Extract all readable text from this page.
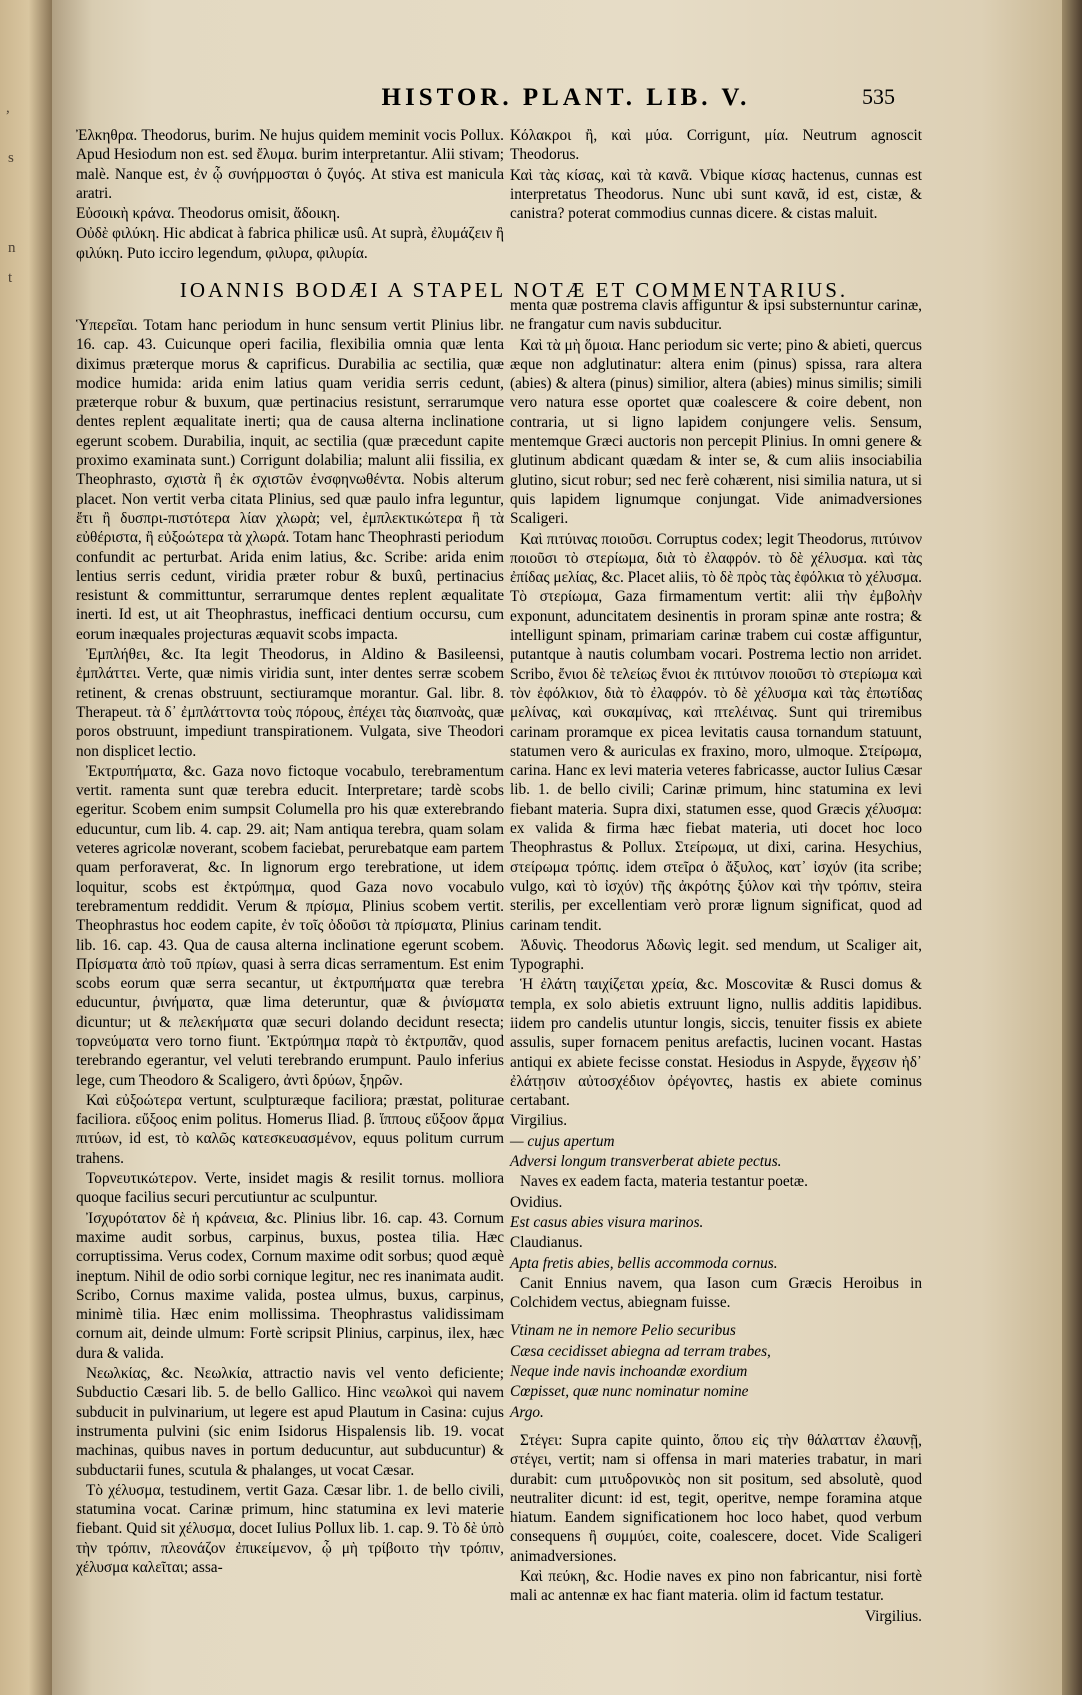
,
s
n
t
HISTOR. PLANT. LIB. V.	535

Ἐλκηθρα. Theodorus, burim. Ne hujus quidem meminit vocis Pollux. Apud Hesiodum non est. sed ἔλυμα. burim interpretantur. Alii stivam; malè. Nanque est, ἐν ᾧ συνήρμοσται ὁ ζυγός. At stiva est manicula aratri.

Εὐσοικὴ κράνα. Theodorus omisit, ἄδοικη.

Οὐδὲ φιλύκη. Hic abdicat à fabrica philicæ usû. At suprà, ἐλυμάζειν ἢ φιλύκη. Puto icciro legendum, φιλυρα, φιλυρία.

Κόλακροι ἢ, καὶ μύα. Corrigunt, μία. Neutrum agnoscit Theodorus.

Καὶ τὰς κίσας, καὶ τὰ κανᾶ. Vbique κίσας hactenus, cunnas est interpretatus Theodorus. Nunc ubi sunt κανᾶ, id est, cistæ, & canistra? poterat commodius cunnas dicere. & cistas maluit.

IOANNIS BODÆI A STAPEL NOTÆ ET COMMENTARIUS.

Ὑπερεῖαι. Totam hanc periodum in hunc sensum vertit Plinius libr. 16. cap. 43. Cuicunque operi facilia, flexibilia omnia quæ lenta diximus præterque morus & caprificus. Durabilia ac sectilia, quæ modice humida: arida enim latius quam veridia serris cedunt, præterque robur & buxum, quæ pertinacius resistunt, serrarumque dentes replent æqualitate inerti; qua de causa alterna inclinatione egerunt scobem. Durabilia, inquit, ac sectilia (quæ præcedunt capite proximo examinata sunt.) Corrigunt dolabilia; malunt alii fissilia, ex Theophrasto, σχιστὰ ἢ ἐκ σχιστῶν ἐνσφηνωθέντα. Nobis alterum placet. Non vertit verba citata Plinius, sed quæ paulo infra leguntur, ἔτι ἢ δυσπρι-πιστότερα λίαν χλωρὰ; vel, ἐμπλεκτικώτερα ἢ τὰ εὐθέριστα, ἢ εὐξοώτερα τὰ χλωρά. Totam hanc Theophrasti periodum confundit ac perturbat. Arida enim latius, &c. Scribe: arida enim lentius serris cedunt, viridia præter robur & buxû, pertinacius resistunt & committuntur, serrarumque dentes replent æqualitate inerti. Id est, ut ait Theophrastus, inefficaci dentium occursu, cum eorum inæquales projecturas æquavit scobs impacta.

Ἐμπλήθει, &c. Ita legit Theodorus, in Aldino & Basileensi, ἐμπλάττει. Verte, quæ nimis viridia sunt, inter dentes serræ scobem retinent, & crenas obstruunt, sectiuramque morantur. Gal. libr. 8. Therapeut. τὰ δ᾽ ἐμπλάττοντα τοὺς πόρους, ἐπέχει τὰς διαπνοὰς, quæ poros obstruunt, impediunt transpirationem. Vulgata, sive Theodori non displicet lectio.

Ἐκτρυπήματα, &c. Gaza novo fictoque vocabulo, terebramentum vertit. ramenta sunt quæ terebra educit. Interpretare; tardè scobs egeritur. Scobem enim sumpsit Columella pro his quæ exterebrando educuntur, cum lib. 4. cap. 29. ait; Nam antiqua terebra, quam solam veteres agricolæ noverant, scobem faciebat, perurebatque eam partem quam perforaverat, &c. In lignorum ergo terebratione, ut idem loquitur, scobs est ἐκτρύπημα, quod Gaza novo vocabulo terebramentum reddidit. Verum & πρίσμα, Plinius scobem vertit. Theophrastus hoc eodem capite, ἐν τοῖς ὀδοῦσι τὰ πρίσματα, Plinius lib. 16. cap. 43. Qua de causa alterna inclinatione egerunt scobem. Πρίσματα ἀπὸ τοῦ πρίων, quasi à serra dicas serramentum. Est enim scobs eorum quæ serra secantur, ut ἐκτρυπήματα quæ terebra educuntur, ῥινήματα, quæ lima deteruntur, quæ & ῥινίσματα dicuntur; ut & πελεκήματα quæ securi dolando decidunt resecta; τορνεύματα vero torno fiunt. Ἐκτρύπημα παρὰ τὸ ἐκτρυπᾶν, quod terebrando egerantur, vel veluti terebrando erumpunt. Paulo inferius lege, cum Theodoro & Scaligero, ἀντὶ δρύων, ξηρῶν.

Καὶ εὐξοώτερα vertunt, sculpturæque faciliora; præstat, politurae faciliora. εὔξοος enim politus. Homerus Iliad. β. ἵππους εὔξοον ἅρμα πιτύων, id est, τὸ καλῶς κατεσκευασμένον, equus politum currum trahens.

Τορνευτικώτερον. Verte, insidet magis & resilit tornus. molliora quoque facilius securi percutiuntur ac sculpuntur.

Ἰσχυρότατον δὲ ἡ κράνεια, &c. Plinius libr. 16. cap. 43. Cornum maxime audit sorbus, carpinus, buxus, postea tilia. Hæc corruptissima. Verus codex, Cornum maxime odit sorbus; quod æquè ineptum. Nihil de odio sorbi cornique legitur, nec res inanimata audit. Scribo, Cornus maxime valida, postea ulmus, buxus, carpinus, minimè tilia. Hæc enim mollissima. Theophrastus validissimam cornum ait, deinde ulmum: Fortè scripsit Plinius, carpinus, ilex, hæc dura & valida.

Νεωλκίας, &c. Νεωλκία, attractio navis vel vento deficiente; Subductio Cæsari lib. 5. de bello Gallico. Hinc νεωλκοὶ qui navem subducit in pulvinarium, ut legere est apud Plautum in Casina: cujus instrumenta pulvini (sic enim Isidorus Hispalensis lib. 19. vocat machinas, quibus naves in portum deducuntur, aut subducuntur) & subductarii funes, scutula & phalanges, ut vocat Cæsar.

Τὸ χέλυσμα, testudinem, vertit Gaza. Cæsar libr. 1. de bello civili, statumina vocat. Carinæ primum, hinc statumina ex levi materie fiebant. Quid sit χέλυσμα, docet Iulius Pollux lib. 1. cap. 9. Τὸ δὲ ὑπὸ τὴν τρόπιν, πλεονάζον ἐπικείμενον, ᾧ μὴ τρίβοιτο τὴν τρόπιν, χέλυσμα καλεῖται; assa-

menta quæ postrema clavis affiguntur & ipsi substernuntur carinæ, ne frangatur cum navis subducitur.

Καὶ τὰ μὴ ὅμοια. Hanc periodum sic verte; pino & abieti, quercus æque non adglutinatur: altera enim (pinus) spissa, rara altera (abies) & altera (pinus) similior, altera (abies) minus similis; simili vero natura esse oportet quæ coalescere & coire debent, non contraria, ut si ligno lapidem conjungere velis. Sensum, mentemque Græci auctoris non percepit Plinius. In omni genere & glutinum abdicant quædam & inter se, & cum aliis insociabilia glutino, sicut robur; sed nec ferè cohærent, nisi similia natura, ut si quis lapidem lignumque conjungat. Vide animadversiones Scaligeri.

Καὶ πιτύινας ποιοῦσι. Corruptus codex; legit Theodorus, πιτύινον ποιοῦσι τὸ στερίωμα, διὰ τὸ ἐλαφρόν. τὸ δὲ χέλυσμα. καὶ τὰς ἐπίδας μελίας, &c. Placet aliis, τὸ δὲ πρὸς τὰς ἐφόλκια τὸ χέλυσμα. Τὸ στερίωμα, Gaza firmamentum vertit: alii τὴν ἐμβολὴν exponunt, aduncitatem desinentis in proram spinæ ante rostra; & intelligunt spinam, primariam carinæ trabem cui costæ affiguntur, putantque à nautis columbam vocari. Postrema lectio non arridet. Scribo, ἔνιοι δὲ τελείως ἔνιοι ἐκ πιτύινον ποιοῦσι τὸ στερίωμα καὶ τὸν ἐφόλκιον, διὰ τὸ ἐλαφρόν. τὸ δὲ χέλυσμα καὶ τὰς ἐπωτίδας μελίνας, καὶ συκαμίνας, καὶ πτελέινας. Sunt qui triremibus carinam proramque ex picea levitatis causa tornandum statuunt, statumen vero & auriculas ex fraxino, moro, ulmoque. Στείρωμα, carina. Hanc ex levi materia veteres fabricasse, auctor Iulius Cæsar lib. 1. de bello civili; Carinæ primum, hinc statumina ex levi fiebant materia. Supra dixi, statumen esse, quod Græcis χέλυσμα: ex valida & firma hæc fiebat materia, uti docet hoc loco Theophrastus & Pollux. Στείρωμα, ut dixi, carina. Hesychius, στείρωμα τρόπις. idem στεῖρα ὁ ἄξυλος, κατ᾽ ἰσχύν (ita scribe; vulgo, καὶ τὸ ἰσχύν) τῆς ἀκρότης ξύλον καὶ τὴν τρόπιν, steira sterilis, per excellentiam verò proræ lignum significat, quod ad carinam tendit.

Ἀδυνὶς. Theodorus Ἀδωνὶς legit. sed mendum, ut Scaliger ait, Typographi.

Ἡ ἐλάτη ταιχίζεται χρεία, &c. Moscovitæ & Rusci domus & templa, ex solo abietis extruunt ligno, nullis additis lapidibus. iidem pro candelis utuntur longis, siccis, tenuiter fissis ex abiete assulis, super fornacem penitus arefactis, lucinen vocant. Hastas antiqui ex abiete fecisse constat. Hesiodus in Aspyde, ἔγχεσιν ἠδ᾽ ἐλάτῃσιν αὐτοσχέδιον ὀρέγοντες, hastis ex abiete cominus certabant.

Virgilius.

— cujus apertum

Adversi longum transverberat abiete pectus.

Naves ex eadem facta, materia testantur poetæ.

Ovidius.

Est casus abies visura marinos.

Claudianus.

Apta fretis abies, bellis accommoda cornus.

Canit Ennius navem, qua Iason cum Græcis Heroibus in Colchidem vectus, abiegnam fuisse.

Vtinam ne in nemore Pelio securibus

Cæsa cecidisset abiegna ad terram trabes,

Neque inde navis inchoandæ exordium

Cœpisset, quæ nunc nominatur nomine

Argo.

Στέγει: Supra capite quinto, ὅπου εἰς τὴν θάλατταν ἐλαυνῇ, στέγει, vertit; nam si offensa in mari materies trabatur, in mari durabit: cum μιτυδρονικὸς non sit positum, sed absolutè, quod neutraliter dicunt: id est, tegit, operitve, nempe foramina atque hiatum. Eandem significationem hoc loco habet, quod verbum consequens ἢ συμμύει, coite, coalescere, docet. Vide Scaligeri animadversiones.

Καὶ πεύκη, &c. Hodie naves ex pino non fabricantur, nisi fortè mali ac antennæ ex hac fiant materia. olim id factum testatur.

Virgilius.
